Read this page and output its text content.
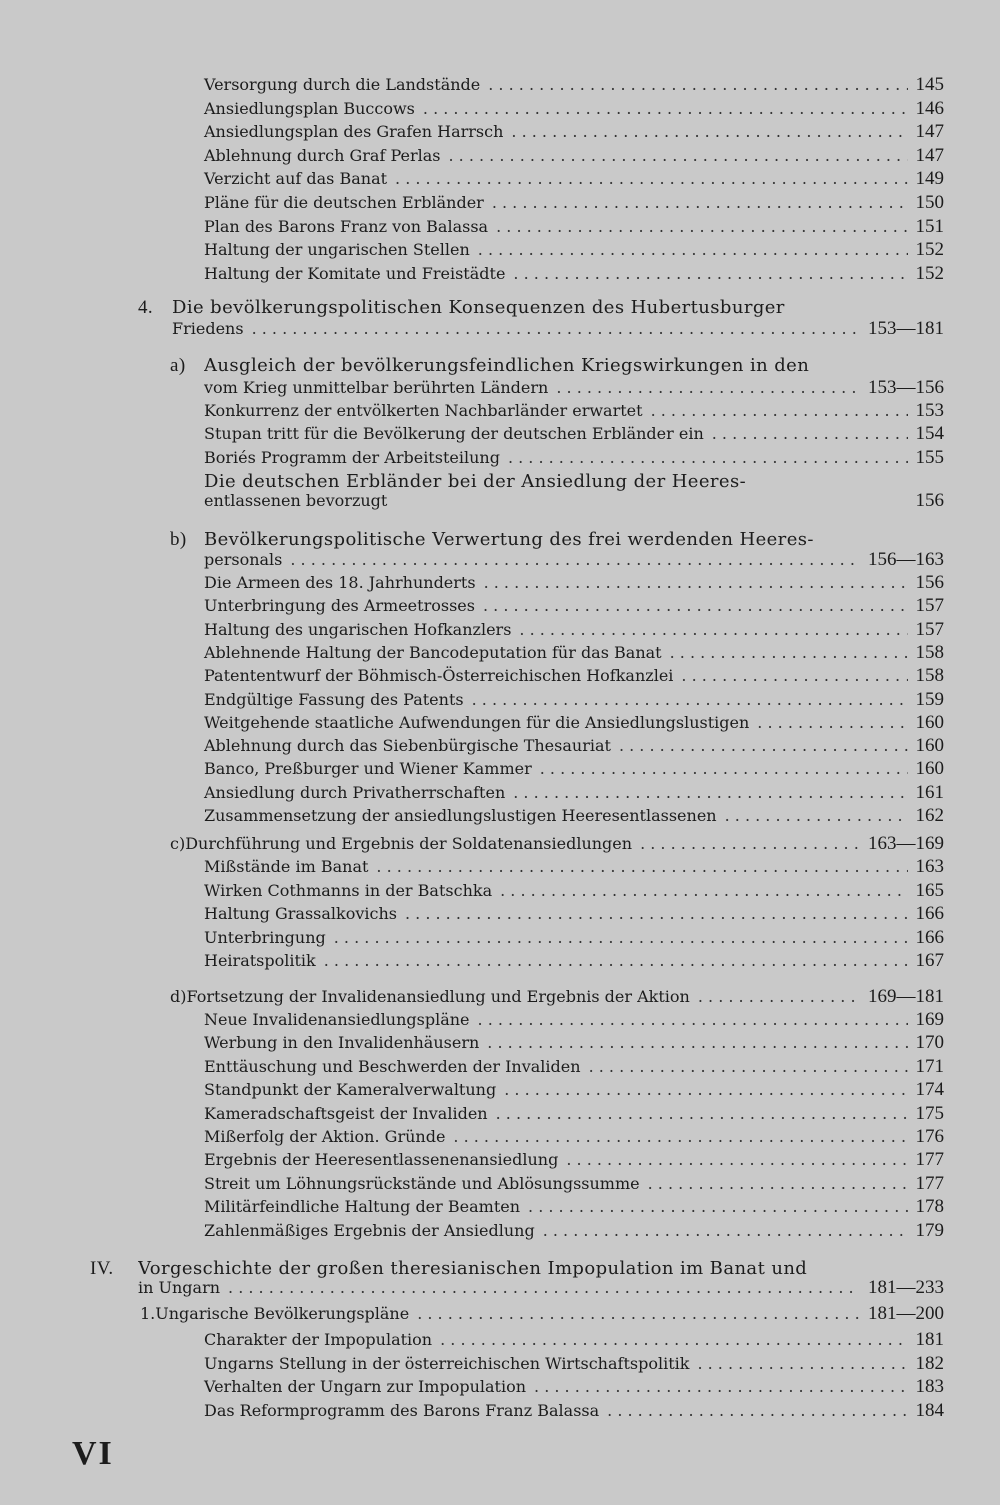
Versorgung durch die Landstände . . .	145
Ansiedlungsplan Buccows . . .	146
Ansiedlungsplan des Grafen Harrsch . . .	147
Ablehnung durch Graf Perlas . . .	147
Verzicht auf das Banat . . .	149
Pläne für die deutschen Erbländer . . .	150
Plan des Barons Franz von Balassa . . .	151
Haltung der ungarischen Stellen . . .	152
Haltung der Komitate und Freistädte . . .	152
4. Die bevölkerungspolitischen Konsequenzen des Hubertusburger
Friedens . . .	153—181
a) Ausgleich der bevölkerungsfeindlichen Kriegswirkungen in den
vom Krieg unmittelbar berührten Ländern . . .	153—156
Konkurrenz der entvölkerten Nachbarländer erwartet . . .	153
Stupan tritt für die Bevölkerung der deutschen Erbländer ein . . .	154
Boriés Programm der Arbeitsteilung . . .	155
Die deutschen Erbländer bei der Ansiedlung der Heeres-
entlassenen bevorzugt	156
b) Bevölkerungspolitische Verwertung des frei werdenden Heeres-
personals . . .	156—163
Die Armeen des 18. Jahrhunderts . . .	156
Unterbringung des Armeetrosses . . .	157
Haltung des ungarischen Hofkanzlers . . .	157
Ablehnende Haltung der Bancodeputation für das Banat . . .	158
Patententwurf der Böhmisch-Österreichischen Hofkanzlei . . .	158
Endgültige Fassung des Patents . . .	159
Weitgehende staatliche Aufwendungen für die Ansiedlungslustigen . . .	160
Ablehnung durch das Siebenbürgische Thesauriat . . .	160
Banco, Preßburger und Wiener Kammer . . .	160
Ansiedlung durch Privatherrschaften . . .	161
Zusammensetzung der ansiedlungslustigen Heeresentlassenen . . .	162
c) Durchführung und Ergebnis der Soldatenansiedlungen . . .	163—169
Mißstände im Banat . . .	163
Wirken Cothmanns in der Batschka . . .	165
Haltung Grassalkovichs . . .	166
Unterbringung . . .	166
Heiratspolitik . . .	167
d) Fortsetzung der Invalidenansiedlung und Ergebnis der Aktion . . .	169—181
Neue Invalidenansiedlungspläne . . .	169
Werbung in den Invalidenhäusern . . .	170
Enttäuschung und Beschwerden der Invaliden . . .	171
Standpunkt der Kameralverwaltung . . .	174
Kameradschaftsgeist der Invaliden . . .	175
Mißerfolg der Aktion. Gründe . . .	176
Ergebnis der Heeresentlassenenansiedlung . . .	177
Streit um Löhnungsrückstände und Ablösungssumme . . .	177
Militärfeindliche Haltung der Beamten . . .	178
Zahlenmäßiges Ergebnis der Ansiedlung . . .	179
IV. Vorgeschichte der großen theresianischen Impopulation im Banat und
in Ungarn . . .	181—233
1. Ungarische Bevölkerungspläne . . .	181—200
Charakter der Impopulation . . .	181
Ungarns Stellung in der österreichischen Wirtschaftspolitik . . .	182
Verhalten der Ungarn zur Impopulation . . .	183
Das Reformprogramm des Barons Franz Balassa . . .	184
VI
